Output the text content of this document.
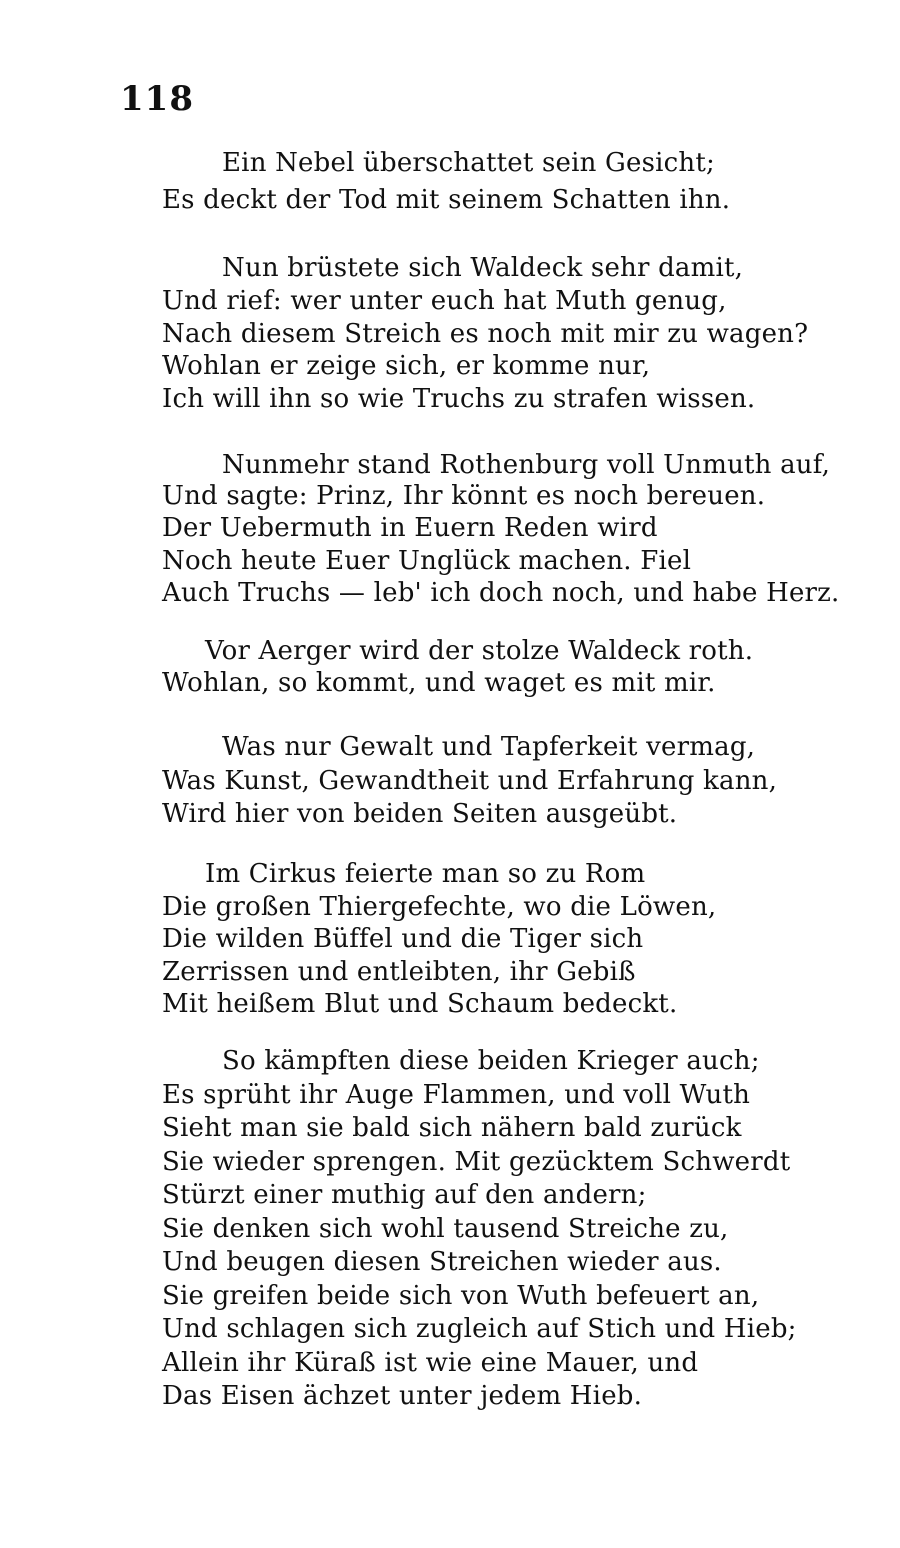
118
Ein Nebel überschattet sein Gesicht;
Es deckt der Tod mit seinem Schatten ihn.
Nun brüstete sich Waldeck sehr damit,
Und rief: wer unter euch hat Muth genug,
Nach diesem Streich es noch mit mir zu wagen?
Wohlan er zeige sich, er komme nur,
Ich will ihn so wie Truchs zu strafen wissen.
Nunmehr stand Rothenburg voll Unmuth auf,
Und sagte: Prinz, Ihr könnt es noch bereuen.
Der Uebermuth in Euern Reden wird
Noch heute Euer Unglück machen. Fiel
Auch Truchs — leb' ich doch noch, und habe Herz.
Vor Aerger wird der stolze Waldeck roth.
Wohlan, so kommt, und waget es mit mir.
Was nur Gewalt und Tapferkeit vermag,
Was Kunst, Gewandtheit und Erfahrung kann,
Wird hier von beiden Seiten ausgeübt.
Im Cirkus feierte man so zu Rom
Die großen Thiergefechte, wo die Löwen,
Die wilden Büffel und die Tiger sich
Zerrissen und entleibten, ihr Gebiß
Mit heißem Blut und Schaum bedeckt.
So kämpften diese beiden Krieger auch;
Es sprüht ihr Auge Flammen, und voll Wuth
Sieht man sie bald sich nähern bald zurück
Sie wieder sprengen. Mit gezücktem Schwerdt
Stürzt einer muthig auf den andern;
Sie denken sich wohl tausend Streiche zu,
Und beugen diesen Streichen wieder aus.
Sie greifen beide sich von Wuth befeuert an,
Und schlagen sich zugleich auf Stich und Hieb;
Allein ihr Küraß ist wie eine Mauer, und
Das Eisen ächzet unter jedem Hieb.
